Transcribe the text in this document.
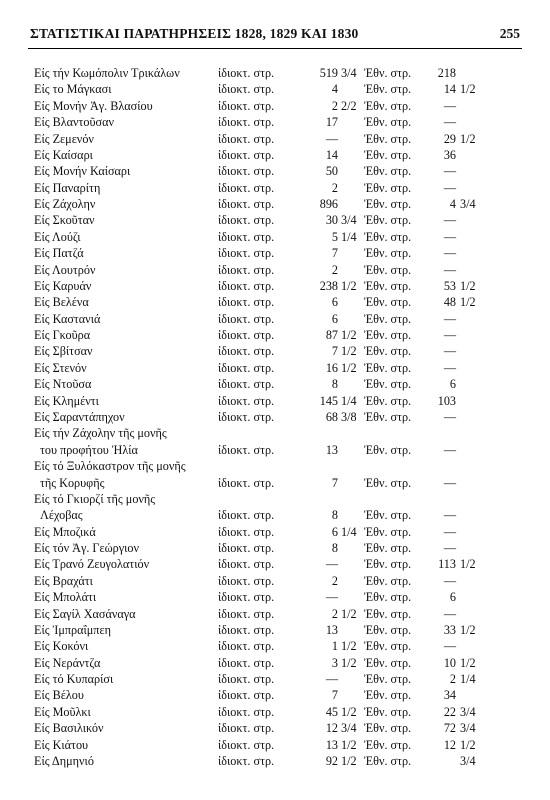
ΣΤΑΤΙΣΤΙΚΑΙ ΠΑΡΑΤΗΡΗΣΕΙΣ 1828, 1829 ΚΑΙ 1830	255
Είς τήν Κωμόπολιν Τρικάλων	ἰδιοκτ. στρ.	519 3/4 Ἐθν. στρ.	218
Είς τo Μάγκασι	ἰδιοκτ. στρ.	4 Ἐθν. στρ.	14 1/2
Είς Μονήν Ἀγ. Βλασίου	ἰδιοκτ. στρ.	2 2/2 Ἐθν. στρ.	—
Είς Βλαντοῦσαν	ἰδιοκτ. στρ.	17 Ἐθν. στρ.	—
Είς Ζεμενόν	ἰδιοκτ. στρ.	— Ἐθν. στρ.	29 1/2
Είς Καίσαρι	ἰδιοκτ. στρ.	14 Ἐθν. στρ.	36
Είς Μονήν Καίσαρι	ἰδιοκτ. στρ.	50 Ἐθν. στρ.	—
Είς Παναρίτη	ἰδιοκτ. στρ.	2 Ἐθν. στρ.	—
Είς Ζάχολην	ἰδιοκτ. στρ.	896 Ἐθν. στρ.	4 3/4
Είς Σκοῦταν	ἰδιοκτ. στρ.	30 3/4 Ἐθν. στρ.	—
Είς Λούζι	ἰδιοκτ. στρ.	5 1/4 Ἐθν. στρ.	—
Είς Πατζά	ἰδιοκτ. στρ.	7 Ἐθν. στρ.	—
Είς Λουτρόν	ἰδιοκτ. στρ.	2 Ἐθν. στρ.	—
Είς Καρυάν	ἰδιοκτ. στρ.	238 1/2 Ἐθν. στρ.	53 1/2
Είς Βελένα	ἰδιοκτ. στρ.	6 Ἐθν. στρ.	48 1/2
Είς Καστανιά	ἰδιοκτ. στρ.	6 Ἐθν. στρ.	—
Είς Γκοῦρα	ἰδιοκτ. στρ.	87 1/2 Ἐθν. στρ.	—
Είς Σβίτσαν	ἰδιοκτ. στρ.	7 1/2 Ἐθν. στρ.	—
Είς Στενόν	ἰδιοκτ. στρ.	16 1/2 Ἐθν. στρ.	—
Είς Ντοῦσα	ἰδιοκτ. στρ.	8 Ἐθν. στρ.	6
Είς Κλημέντι	ἰδιοκτ. στρ.	145 1/4 Ἐθν. στρ.	103
Είς Σαραντάπηχον	ἰδιοκτ. στρ.	68 3/8 Ἐθν. στρ.	—
Είς τήν Ζάχολην τῆς μονῆς
του προφήτου Ἠλία	ἰδιοκτ. στρ.	13 Ἐθν. στρ.	—
Είς τό Ξυλόκαστρον τῆς μονῆς
τῆς Κορυφῆς	ἰδιοκτ. στρ.	7 Ἐθν. στρ.	—
Είς τό Γκιορζί τῆς μονῆς
Λέχοβας	ἰδιοκτ. στρ.	8 Ἐθν. στρ.	—
Είς Μποζικά	ἰδιοκτ. στρ.	6 1/4 Ἐθν. στρ.	—
Είς τόν Ἀγ. Γεώργιον	ἰδιοκτ. στρ.	8 Ἐθν. στρ.	—
Είς Τρανό Ζευγολατιόν	ἰδιοκτ. στρ.	— Ἐθν. στρ.	113 1/2
Είς Βραχάτι	ἰδιοκτ. στρ.	2 Ἐθν. στρ.	—
Είς Μπολάτι	ἰδιοκτ. στρ.	— Ἐθν. στρ.	6
Είς Σαγίλ Χασάναγα	ἰδιοκτ. στρ.	2 1/2 Ἐθν. στρ.	—
Είς Ἰμπραΐμπεη	ἰδιοκτ. στρ.	13 Ἐθν. στρ.	33 1/2
Είς Κοκόνι	ἰδιοκτ. στρ.	1 1/2 Ἐθν. στρ.	—
Είς Νεράντζα	ἰδιοκτ. στρ.	3 1/2 Ἐθν. στρ.	10 1/2
Είς τό Κυπαρίσι	ἰδιοκτ. στρ.	— Ἐθν. στρ.	2 1/4
Είς Βέλου	ἰδιοκτ. στρ.	7 Ἐθν. στρ.	34
Είς Μοῦλκι	ἰδιοκτ. στρ.	45 1/2 Ἐθν. στρ.	22 3/4
Είς Βασιλικόν	ἰδιοκτ. στρ.	12 3/4 Ἐθν. στρ.	72 3/4
Είς Κιάτου	ἰδιοκτ. στρ.	13 1/2 Ἐθν. στρ.	12 1/2
Είς Δημηνιό	ἰδιοκτ. στρ.	92 1/2 Ἐθν. στρ.	3/4
